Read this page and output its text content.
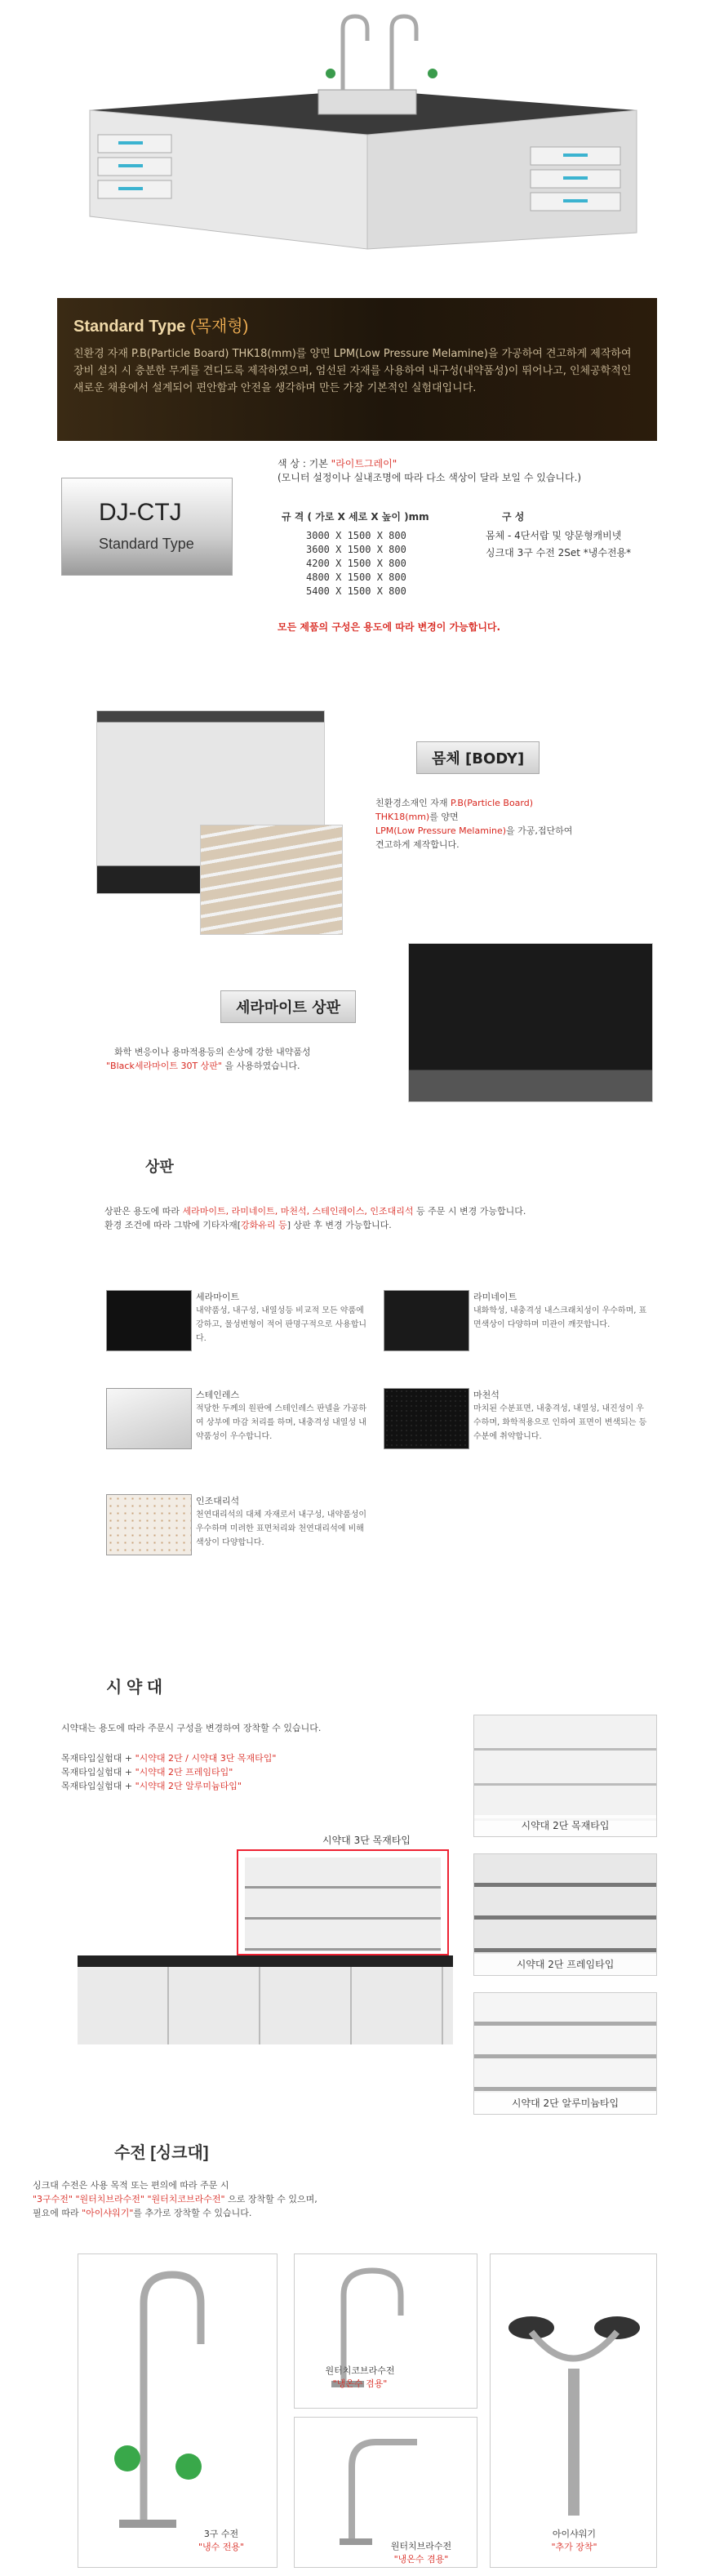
Standard Type (목재형)
친환경 자재 P.B(Particle Board) THK18(mm)를 양면 LPM(Low Pressure Melamine)을 가공하여 견고하게 제작하여 장비 설치 시 충분한 무게를 견디도록 제작하였으며, 엄선된 자재를 사용하여 내구성(내약품성)이 뛰어나고, 인체공학적인 새로운 채용에서 설계되어 편안함과 안전을 생각하며 만든 가장 기본적인 실험대입니다.
DJ-CTJ
Standard Type
색 상 : 기본 "라이트그레이"
(모니터 설정이나 실내조명에 따라 다소 색상이 달라 보일 수 있습니다.)
규 격 ( 가로 X 세로 X 높이 )mm
3000 X 1500 X 800
3600 X 1500 X 800
4200 X 1500 X 800
4800 X 1500 X 800
5400 X 1500 X 800
구 성
몸체 - 4단서랍 및 양문형캐비넷
싱크대 3구 수전 2Set *냉수전용*
모든 제품의 구성은 용도에 따라 변경이 가능합니다.
몸체 [BODY]
친환경소재인 자재 P.B(Particle Board)
THK18(mm)를 양면
LPM(Low Pressure Melamine)을 가공,접단하여
견고하게 제작합니다.
세라마이트 상판
화학 변응이나 용마적용등의 손상에 강한 내약품성
"Black세라마이트 30T 상판" 을 사용하였습니다.
상판
상판은 용도에 따라 세라마이트, 라미네이트, 마천석, 스테인레이스, 인조대리석 등 주문 시 변경 가능합니다.
환경 조건에 따라 그밖에 기타자재[강화유리 등] 상판 후 변경 가능합니다.
세라마이트
내약품성, 내구성, 내열성등 비교적 모든 약품에 강하고, 물성변형이 적어 판명구적으로 사용합니다.
라미네이트
내화학성, 내충격성 내스크래치성이 우수하며, 표면색상이 다양하며 미관이 깨끗합니다.
스테인레스
적당한 두께의 원판에 스테인레스 판넬을 가공하여 상부에 마감 처리를 하며, 내충격성 내열성 내약품성이 우수합니다.
마천석
마치된 수분표면, 내충격성, 내열성, 내진성이 우수하며, 화학적용으로 인하여 표면이 변색되는 등 수분에 취약합니다.
인조대리석
천연대리석의 대체 자재로서 내구성, 내약품성이 우수하며 미려한 표면처리와 천연대리석에 비해 색상이 다양합니다.
시 약 대
시약대는 용도에 따라 주문시 구성을 변경하여 장착할 수 있습니다.
목재타입실험대 + "시약대 2단 / 시약대 3단 목재타입"
목재타입실험대 + "시약대 2단 프레임타입"
목재타입실험대 + "시약대 2단 알루미늄타입"
시약대 3단 목재타입
시약대 2단 목재타입
시약대 2단 프레임타입
시약대 2단 알루미늄타입
수전 [싱크대]
싱크대 수전은 사용 목적 또는 편의에 따라 주문 시
"3구수전" "원터치브라수전" "원터치코브라수전" 으로 장착할 수 있으며,
필요에 따라 "아이샤워기"를 추가로 장착할 수 있습니다.
3구 수전
"냉수 전용"
원터치코브라수전
"냉온수 겸용"
원터치브라수전
"냉온수 겸용"
아이샤워기
"추가 장착"
